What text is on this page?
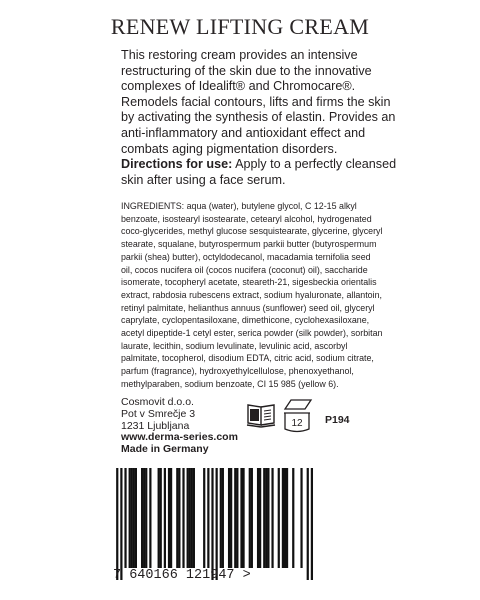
RENEW LIFTING CREAM
This restoring cream provides an intensive
restructuring of the skin due to the innovative
complexes of Idealift® and Chromocare®.
Remodels facial contours, lifts and firms the skin
by activating the synthesis of elastin. Provides an
anti-inflammatory and antioxidant effect and
combats aging pigmentation disorders.
Directions for use: Apply to a perfectly cleansed
skin after using a face serum.
INGREDIENTS: aqua (water), butylene glycol, C 12-15 alkyl
benzoate, isostearyl isostearate, cetearyl alcohol, hydrogenated
coco-glycerides, methyl glucose sesquistearate, glycerine, glyceryl
stearate, squalane, butyrospermum parkii butter (butyrospermum
parkii (shea) butter), octyldodecanol, macadamia ternifolia seed
oil, cocos nucifera oil (cocos nucifera (coconut) oil), saccharide
isomerate, tocopheryl acetate, steareth-21, sigesbeckia orientalis
extract, rabdosia rubescens extract, sodium hyaluronate, allantoin,
retinyl palmitate, helianthus annuus (sunflower) seed oil, glyceryl
caprylate, cyclopentasiloxane, dimethicone, cyclohexasiloxane,
acetyl dipeptide-1 cetyl ester, serica powder (silk powder), sorbitan
laurate, lecithin, sodium levulinate, levulinic acid, ascorbyl
palmitate, tocopherol, disodium EDTA, citric acid, sodium citrate,
parfum (fragrance), hydroxyethylcellulose, phenoxyethanol,
methylparaben, sodium benzoate, CI 15 985 (yellow 6).
Cosmovit d.o.o.
Pot v Smrečje 3
1231 Ljubljana
www.derma-series.com
Made in Germany
12 P194
7 640166 121947 >
